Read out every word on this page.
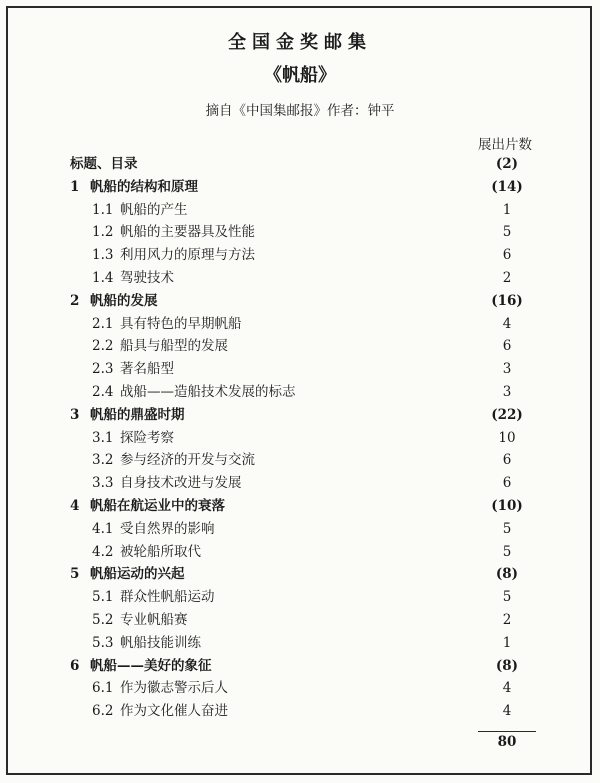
全国金奖邮集
《帆船》
摘自《中国集邮报》作者：钟平
展出片数
标题、目录	(2)
1 帆船的结构和原理	(14)
1.1 帆船的产生	1
1.2 帆船的主要器具及性能	5
1.3 利用风力的原理与方法	6
1.4 驾驶技术	2
2 帆船的发展	(16)
2.1 具有特色的早期帆船	4
2.2 船具与船型的发展	6
2.3 著名船型	3
2.4 战船——造船技术发展的标志	3
3 帆船的鼎盛时期	(22)
3.1 探险考察	10
3.2 参与经济的开发与交流	6
3.3 自身技术改进与发展	6
4 帆船在航运业中的衰落	(10)
4.1 受自然界的影响	5
4.2 被轮船所取代	5
5 帆船运动的兴起	(8)
5.1 群众性帆船运动	5
5.2 专业帆船赛	2
5.3 帆船技能训练	1
6 帆船——美好的象征	(8)
6.1 作为徽志警示后人	4
6.2 作为文化催人奋进	4
80
